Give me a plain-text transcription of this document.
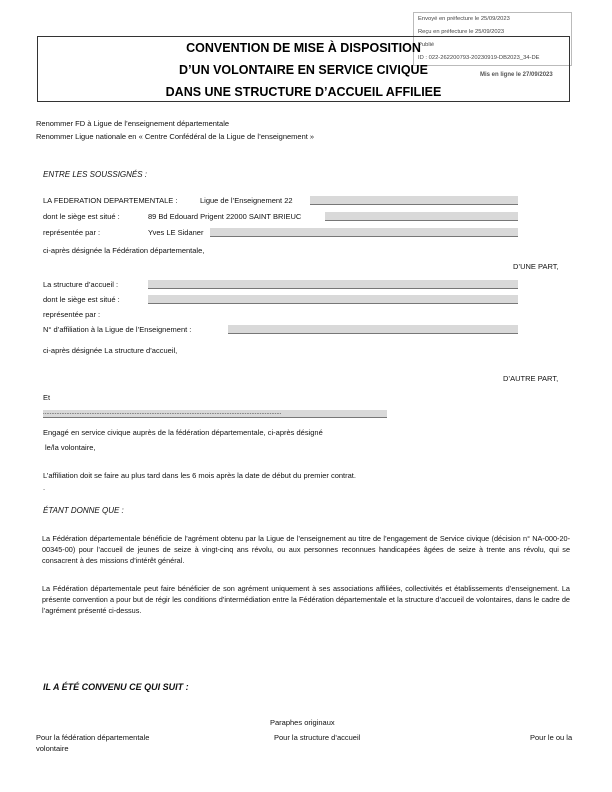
Envoyé en préfecture le 25/09/2023
Reçu en préfecture le 25/09/2023
Publié
ID : 022-262200793-20230919-DB2023_34-DE
CONVENTION DE MISE À DISPOSITION
D’UN VOLONTAIRE EN SERVICE CIVIQUE
DANS UNE STRUCTURE D’ACCUEIL AFFILIEE
Mis en ligne le 27/09/2023
Renommer FD à Ligue de l’enseignement départementale
Renommer Ligue nationale en « Centre Confédéral de la Ligue de l’enseignement »
ENTRE LES SOUSSIGNÉS :
LA FEDERATION DEPARTEMENTALE :	Ligue de l’Enseignement 22
dont le siège est situé :	89 Bd Edouard Prigent 22000 SAINT BRIEUC
représentée par :	Yves LE Sidaner
ci-après désignée la Fédération départementale,
D’UNE PART,
La structure d’accueil :
dont le siège est situé :
représentée par :
N° d’affiliation à la Ligue de l’Enseignement :
ci-après désignée La structure d’accueil,
D’AUTRE PART,
Et
...............................................................................................................................................
Engagé en service civique auprès de la fédération départementale, ci-après désigné
le/la volontaire,
L’affiliation doit se faire au plus tard dans les 6 mois après la date de début du premier contrat.
.
ÉTANT DONNE QUE :
La Fédération départementale bénéficie de l’agrément obtenu par la Ligue de l’enseignement au titre de l’engagement de Service civique (décision n° NA-000-20-00345-00) pour l’accueil de jeunes de seize à vingt-cinq ans révolu, ou aux personnes reconnues handicapées âgées de seize à trente ans révolu, qui se consacrent à des missions d’intérêt général.
La Fédération départementale peut faire bénéficier de son agrément uniquement à ses associations affiliées, collectivités et établissements d’enseignement. La présente convention a pour but de régir les conditions d’intermédiation entre la Fédération départementale et la structure d’accueil de volontaires, dans le cadre de l’agrément présenté ci-dessus.
IL A ÉTÉ CONVENU CE QUI SUIT :
Paraphes originaux
Pour la fédération départementale
volontaire
Pour la structure d’accueil	Pour le ou la
